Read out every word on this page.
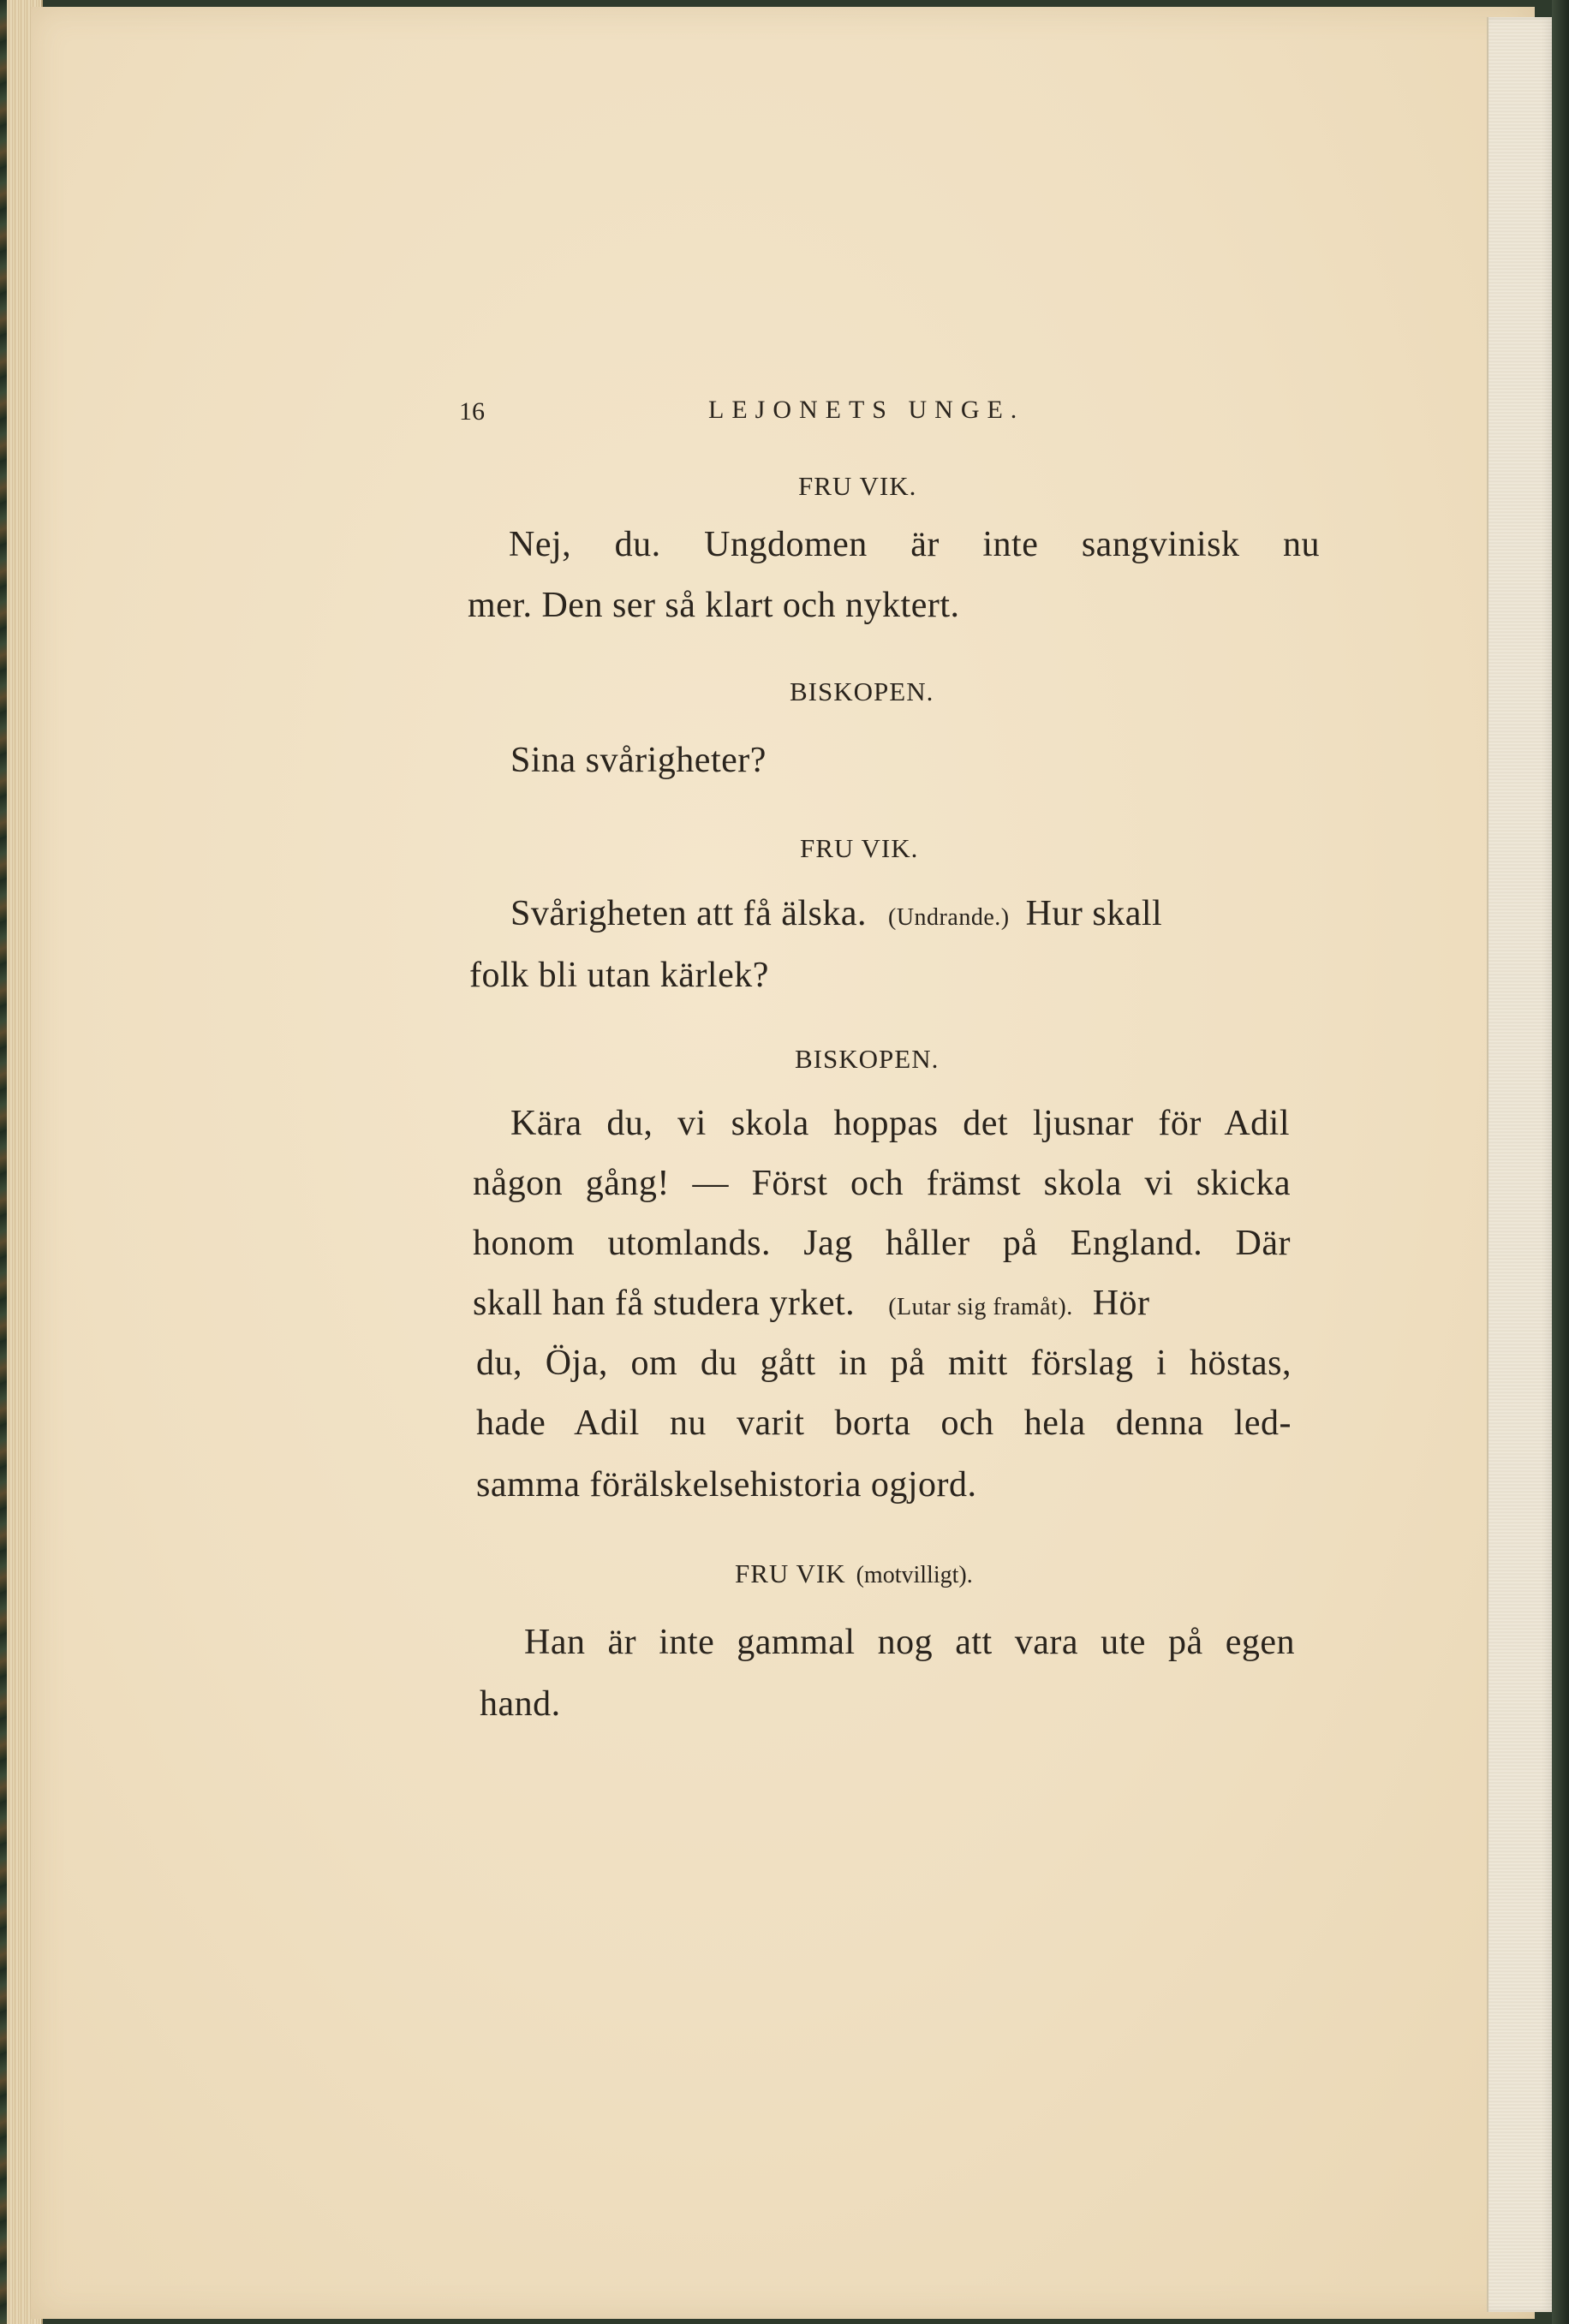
16	LEJONETS UNGE.
FRU VIK.
Nej, du. Ungdomen är inte sangvinisk nu
mer. Den ser så klart och nyktert.
BISKOPEN.
Sina svårigheter?
FRU VIK.
Svårigheten att få älska. (Undrande.) Hur skall
folk bli utan kärlek?
BISKOPEN.
Kära du, vi skola hoppas det ljusnar för Adil
någon gång! — Först och främst skola vi skicka
honom utomlands. Jag håller på England. Där
skall han få studera yrket. (Lutar sig framåt). Hör
du, Öja, om du gått in på mitt förslag i höstas,
hade Adil nu varit borta och hela denna led-
samma förälskelsehistoria ogjord.
FRU VIK (motvilligt).
Han är inte gammal nog att vara ute på egen
hand.
